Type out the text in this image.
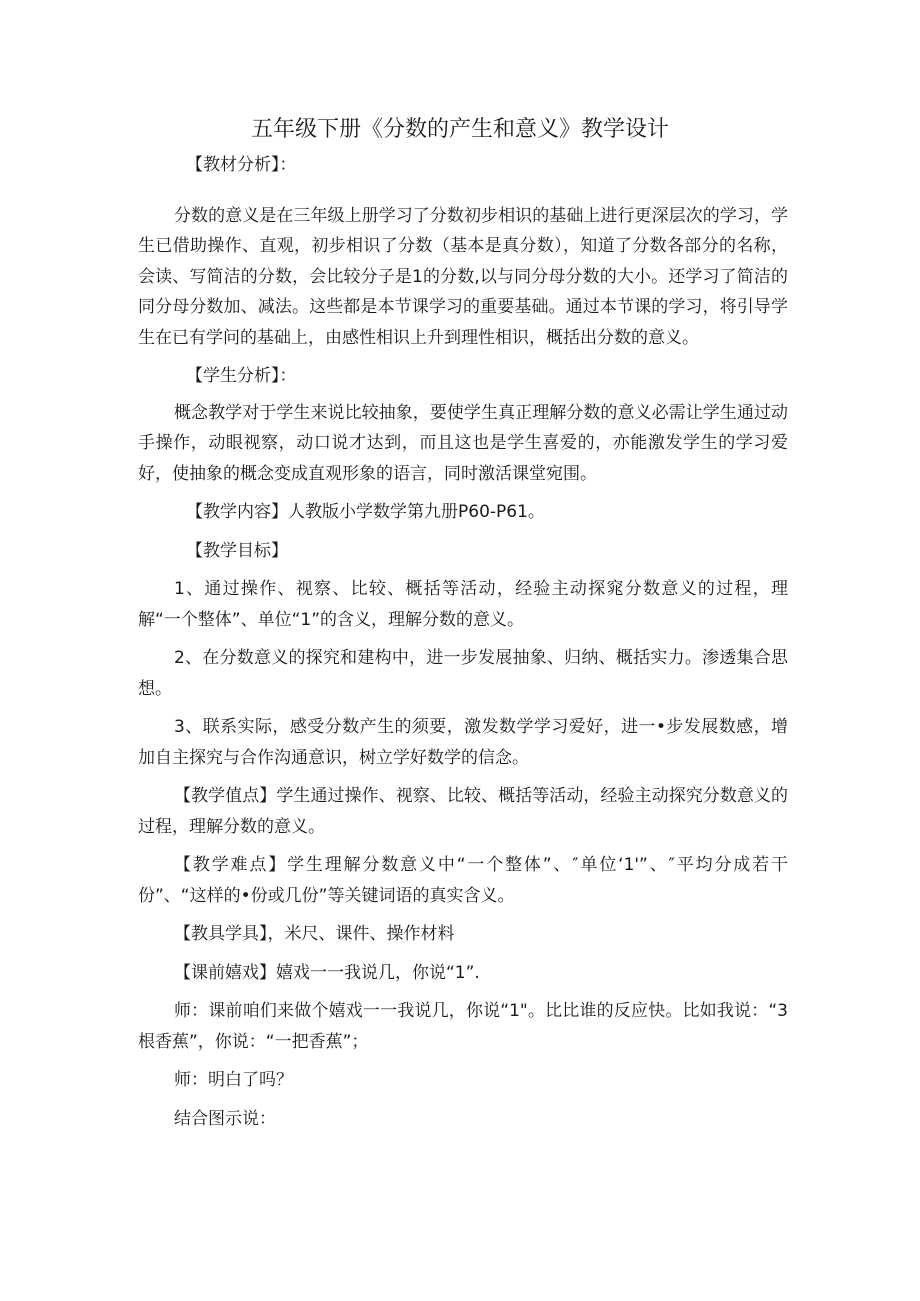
五年级下册《分数的产生和意义》教学设计

【教材分析】：

分数的意义是在三年级上册学习了分数初步相识的基础上进行更深层次的学习，学生已借助操作、直观，初步相识了分数（基本是真分数），知道了分数各部分的名称，会读、写简洁的分数，会比较分子是1的分数,以与同分母分数的大小。还学习了简洁的同分母分数加、减法。这些都是本节课学习的重要基础。通过本节课的学习，将引导学生在已有学问的基础上，由感性相识上升到理性相识，概括出分数的意义。

【学生分析】：

概念教学对于学生来说比较抽象，要使学生真正理解分数的意义必需让学生通过动手操作，动眼视察，动口说才达到，而且这也是学生喜爱的，亦能激发学生的学习爱好，使抽象的概念变成直观形象的语言，同时激活课堂宛围。

【教学内容】人教版小学数学第九册P60-P61。

【教学目标】

1、通过操作、视察、比较、概括等活动，经验主动探窕分数意义的过程，理解“一个整体”、单位“1”的含义，理解分数的意义。

2、在分数意义的探究和建构中，进一步发展抽象、归纳、概括实力。渗透集合思想。

3、联系实际，感受分数产生的须要，激发数学学习爱好，进一•步发展数感，增加自主探究与合作沟通意识，树立学好数学的信念。

【教学值点】学生通过操作、视察、比较、概括等活动，经验主动探究分数意义的过程，理解分数的意义。

【教学难点】学生理解分数意义中“一个整体”、″单位‘1'”、″平均分成若干份”、“这样的•份或几份”等关键词语的真实含义。

【教具学具】，米尺、课件、操作材料

【课前嬉戏】嬉戏一一我说几，你说“1”.

师：课前咱们来做个嬉戏一一我说几，你说“1"。比比谁的反应快。比如我说：“3根香蕉”，你说：“一把香蕉”；

师：明白了吗？

结合图示说：
